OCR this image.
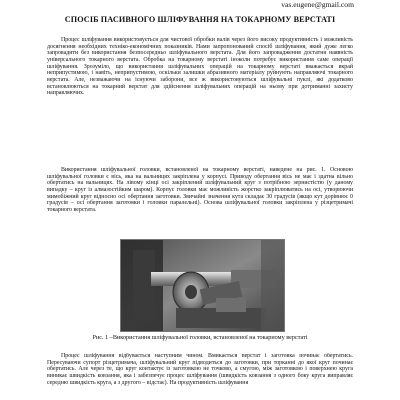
vas.eugene@gmail.com
СПОСІБ ПАСИВНОГО ШЛІФУВАННЯ НА ТОКАРНОМУ ВЕРСТАТІ
Процес шліфування використовується для чистової обробки валів через його високу продуктивність і можливість досягнення необхідних техніко-економічних показників. Нами запропонований спосіб шліфування, який дуже легко запровадити без використання безпосередньо шліфувального верстата. Для його запровадження достатня наявність універсального токарного верстата. Обробка на токарному верстаті іноколи потребує використання саме операції шліфування. Зрозуміло, що використання шліфувальних операцій на токарному верстаті вважається вкрай неприпустимою, і навіть, неприпустимою, оскільки залишки абразивного матеріалу руйнують направляючі токарного верстата. Але, незважаючи на існуючи заборони, все ж використовуються шліфувальні пуклі, які додатково встановлюються на токарний верстат для здійснення шліфувальних операцій на ньому при дотриманні захисту направляючих.
Використання шліфувальної головки, встановленої на токарному верстаті, наведене на рис. 1. Основою шліфувальної головки є вісь, яка на вальницях закріплена у корпусі. Приводу обертання вісь не має і здатна вільно обертатись на вальницях. На лівому кінці осі закріплений шліфувальний круг з потрібною зернистістю (у даному випадку – круг із алмазостійким шаром). Корпус головки має можливість жорстко закріплюватись на осі, утворюючи мимобіжний круг відносно осі обертання заготовки. Звичайні значення кута складає 30 градусів (якщо кут дорівнює 0 градусів – осі обертання заготовки і головки паралельні). Основа шліфувальної головки закріплена у різцетримачі токарного верстата.
Рис. 1 –Використання шліфувальної головки, встановленої на токарному верстаті
Процес шліфування відбувається наступним чином. Вмикається верстат і заготовка починає обертатись. Пересуваючи супорт різцетримача, шліфувальний круг підводиться до заготовки, при торканні до якої круг починає обертатись. Але через те, що круг контактує із заготовкою не точково, а смугою, між заготовкою і поверхнею круга виникає швидкість ковзання, яка і забезпечує процес шліфування (швидкість ковзання з одного боку круга виправляє середню швидкість круга, а з другого – відстає). На продуктивність шліфування
